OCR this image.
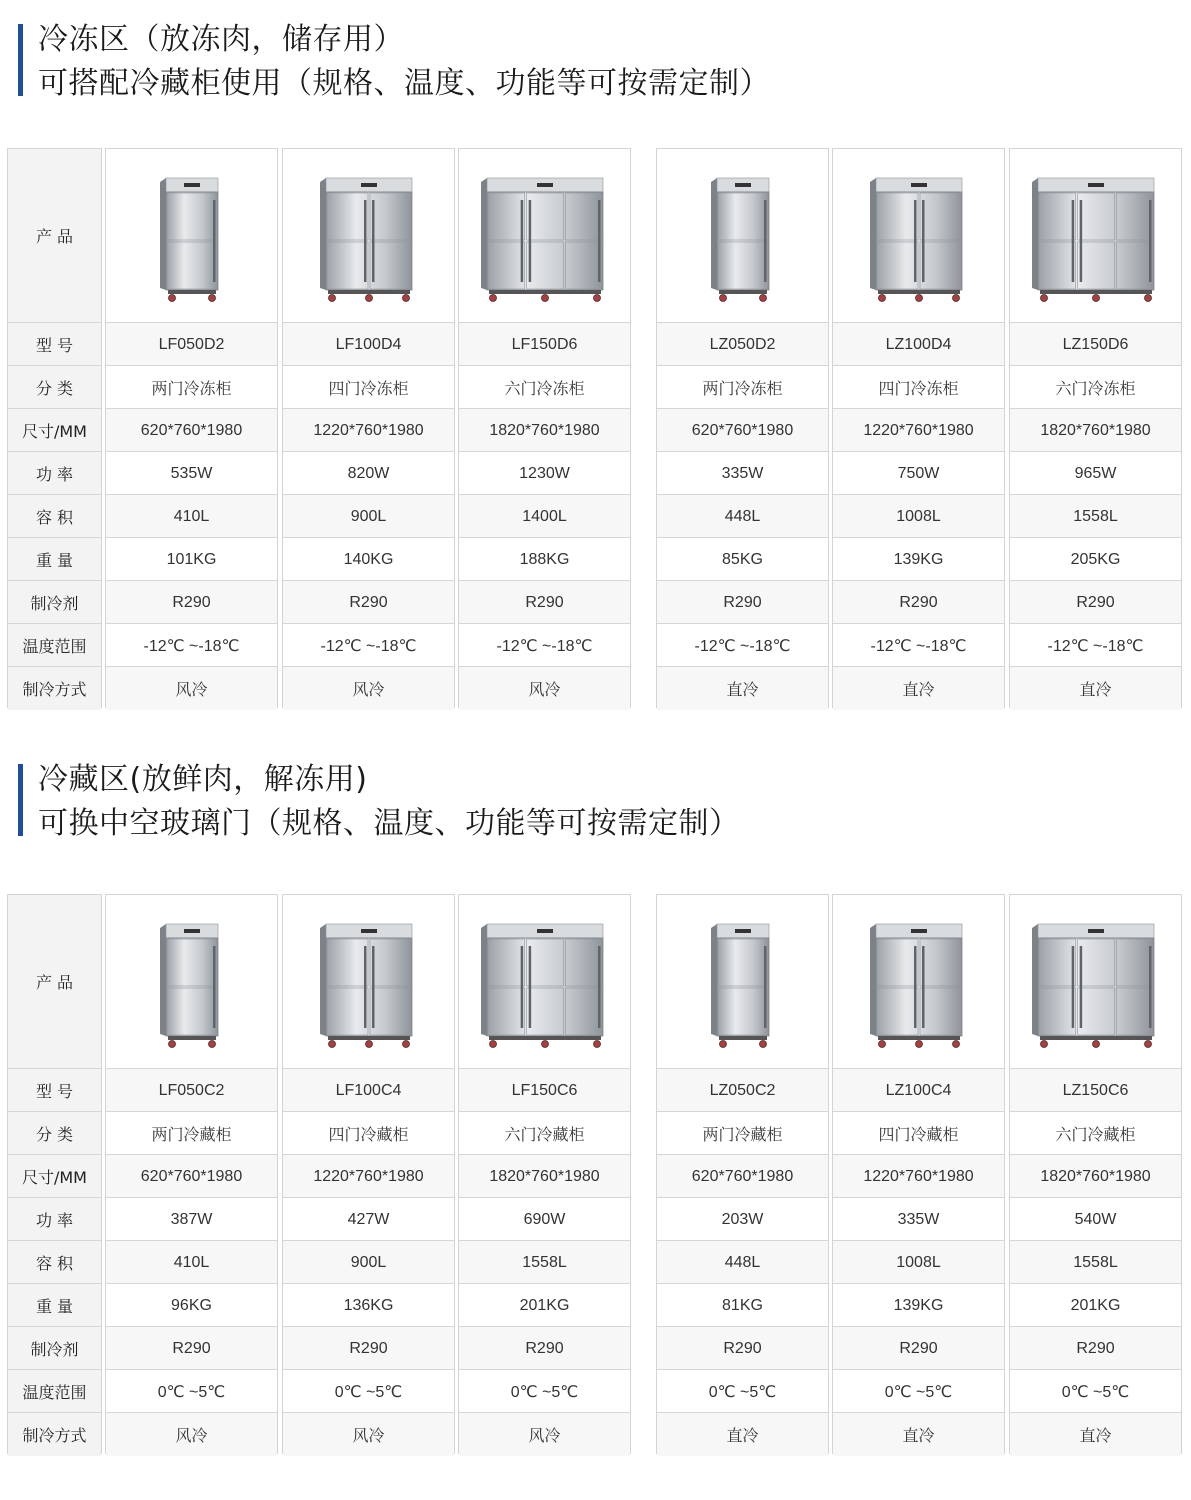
冷冻区（放冻肉，储存用）
可搭配冷藏柜使用（规格、温度、功能等可按需定制）
产 品
型 号
分 类
尺寸/MM
功 率
容 积
重 量
制冷剂
温度范围
制冷方式
LF050D2
两门冷冻柜
620*760*1980
535W
410L
101KG
R290
-12℃ ~-18℃
风冷
LF100D4
四门冷冻柜
1220*760*1980
820W
900L
140KG
R290
-12℃ ~-18℃
风冷
LF150D6
六门冷冻柜
1820*760*1980
1230W
1400L
188KG
R290
-12℃ ~-18℃
风冷
LZ050D2
两门冷冻柜
620*760*1980
335W
448L
85KG
R290
-12℃ ~-18℃
直冷
LZ100D4
四门冷冻柜
1220*760*1980
750W
1008L
139KG
R290
-12℃ ~-18℃
直冷
LZ150D6
六门冷冻柜
1820*760*1980
965W
1558L
205KG
R290
-12℃ ~-18℃
直冷
冷藏区(放鲜肉，解冻用)
可换中空玻璃门（规格、温度、功能等可按需定制）
产 品
型 号
分 类
尺寸/MM
功 率
容 积
重 量
制冷剂
温度范围
制冷方式
LF050C2
两门冷藏柜
620*760*1980
387W
410L
96KG
R290
0℃ ~5℃
风冷
LF100C4
四门冷藏柜
1220*760*1980
427W
900L
136KG
R290
0℃ ~5℃
风冷
LF150C6
六门冷藏柜
1820*760*1980
690W
1558L
201KG
R290
0℃ ~5℃
风冷
LZ050C2
两门冷藏柜
620*760*1980
203W
448L
81KG
R290
0℃ ~5℃
直冷
LZ100C4
四门冷藏柜
1220*760*1980
335W
1008L
139KG
R290
0℃ ~5℃
直冷
LZ150C6
六门冷藏柜
1820*760*1980
540W
1558L
201KG
R290
0℃ ~5℃
直冷
